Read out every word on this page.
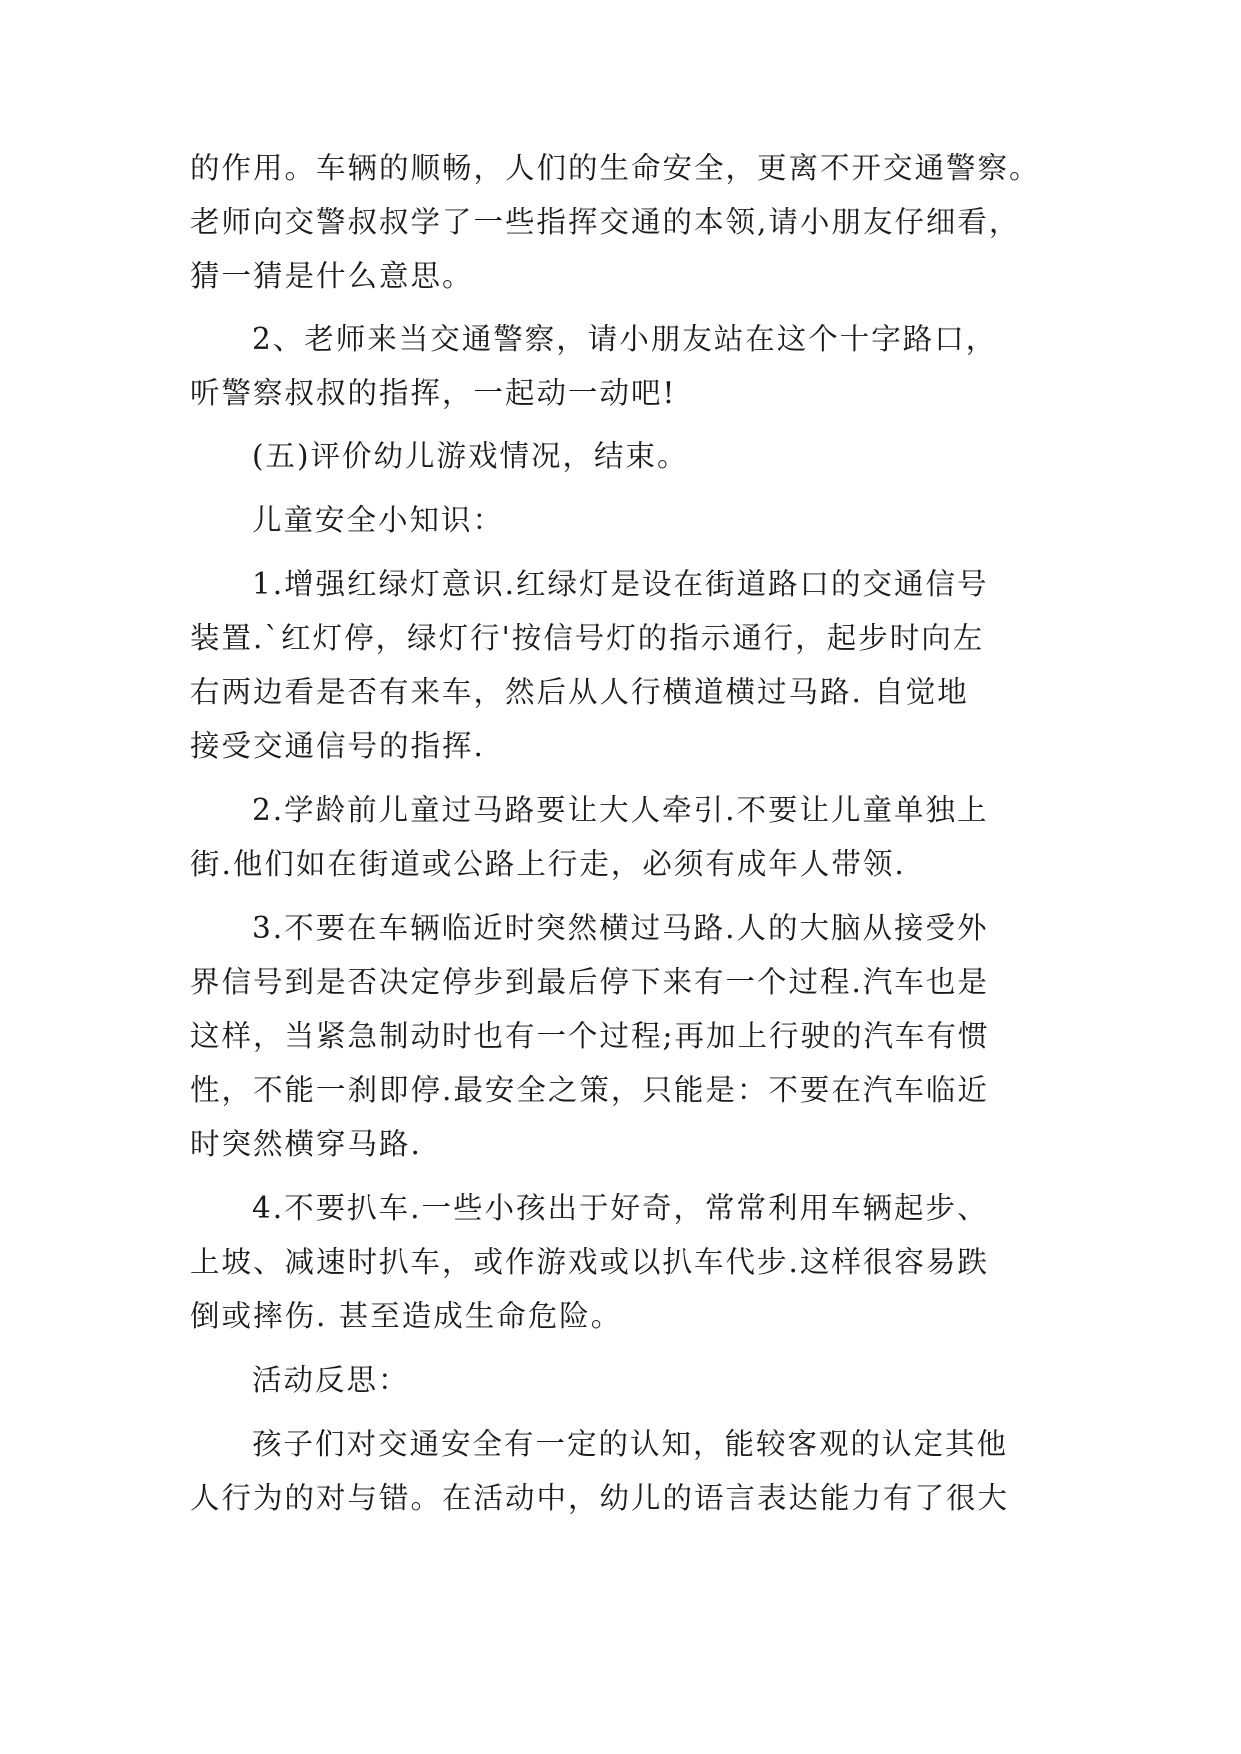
的作用。车辆的顺畅，人们的生命安全，更离不开交通警察。

老师向交警叔叔学了一些指挥交通的本领,请小朋友仔细看，

猜一猜是什么意思。

2、老师来当交通警察，请小朋友站在这个十字路口，

听警察叔叔的指挥，一起动一动吧!

(五)评价幼儿游戏情况，结束。

儿童安全小知识：

1.增强红绿灯意识.红绿灯是设在街道路口的交通信号

装置.`红灯停，绿灯行'按信号灯的指示通行，起步时向左

右两边看是否有来车，然后从人行横道横过马路. 自觉地

接受交通信号的指挥.

2.学龄前儿童过马路要让大人牵引.不要让儿童单独上

街.他们如在街道或公路上行走，必须有成年人带领.

3.不要在车辆临近时突然横过马路.人的大脑从接受外

界信号到是否决定停步到最后停下来有一个过程.汽车也是

这样，当紧急制动时也有一个过程;再加上行驶的汽车有惯

性，不能一刹即停.最安全之策，只能是：不要在汽车临近

时突然横穿马路.

4.不要扒车.一些小孩出于好奇，常常利用车辆起步、

上坡、减速时扒车，或作游戏或以扒车代步.这样很容易跌

倒或摔伤. 甚至造成生命危险。

活动反思：

孩子们对交通安全有一定的认知，能较客观的认定其他

人行为的对与错。在活动中，幼儿的语言表达能力有了很大
